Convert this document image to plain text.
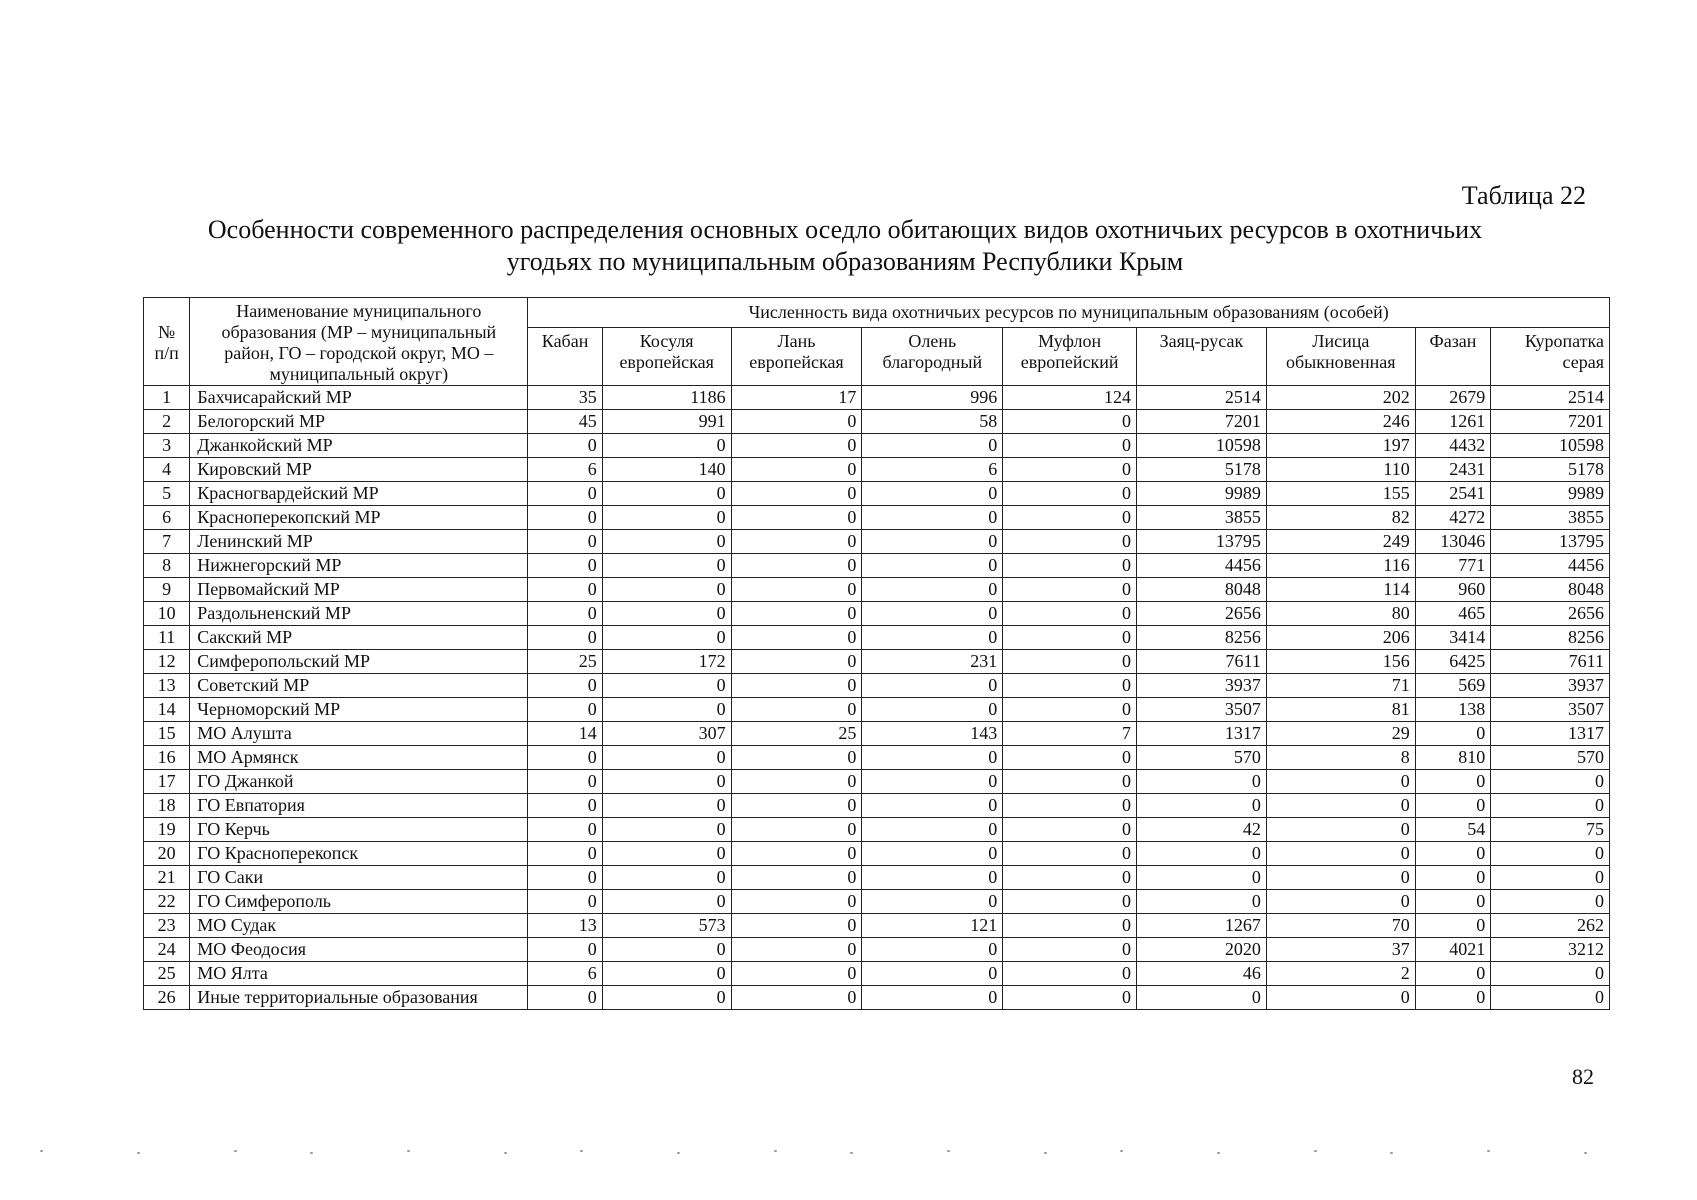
Таблица 22
Особенности современного распределения основных оседло обитающих видов охотничьих ресурсов в охотничьих
угодьях по муниципальным образованиям Республики Крым
№ п/п	Наименование муниципального образования (МР – муниципальный район, ГО – городской округ, МО – муниципальный округ)	Численность вида охотничьих ресурсов по муниципальным образованиям (особей)								
		Кабан	Косуля европейская	Лань европейская	Олень благородный	Муфлон европейский	Заяц-русак	Лисица обыкновенная	Фазан	Куропатка серая
1	Бахчисарайский МР	35	1186	17	996	124	2514	202	2679	2514
2	Белогорский МР	45	991	0	58	0	7201	246	1261	7201
3	Джанкойский МР	0	0	0	0	0	10598	197	4432	10598
4	Кировский МР	6	140	0	6	0	5178	110	2431	5178
5	Красногвардейский МР	0	0	0	0	0	9989	155	2541	9989
6	Красноперекопский МР	0	0	0	0	0	3855	82	4272	3855
7	Ленинский МР	0	0	0	0	0	13795	249	13046	13795
8	Нижнегорский МР	0	0	0	0	0	4456	116	771	4456
9	Первомайский МР	0	0	0	0	0	8048	114	960	8048
10	Раздольненский МР	0	0	0	0	0	2656	80	465	2656
11	Сакский МР	0	0	0	0	0	8256	206	3414	8256
12	Симферопольский МР	25	172	0	231	0	7611	156	6425	7611
13	Советский МР	0	0	0	0	0	3937	71	569	3937
14	Черноморский МР	0	0	0	0	0	3507	81	138	3507
15	МО Алушта	14	307	25	143	7	1317	29	0	1317
16	МО Армянск	0	0	0	0	0	570	8	810	570
17	ГО Джанкой	0	0	0	0	0	0	0	0	0
18	ГО Евпатория	0	0	0	0	0	0	0	0	0
19	ГО Керчь	0	0	0	0	0	42	0	54	75
20	ГО Красноперекопск	0	0	0	0	0	0	0	0	0
21	ГО Саки	0	0	0	0	0	0	0	0	0
22	ГО Симферополь	0	0	0	0	0	0	0	0	0
23	МО Судак	13	573	0	121	0	1267	70	0	262
24	МО Феодосия	0	0	0	0	0	2020	37	4021	3212
25	МО Ялта	6	0	0	0	0	46	2	0	0
26	Иные территориальные образования	0	0	0	0	0	0	0	0	0
82
